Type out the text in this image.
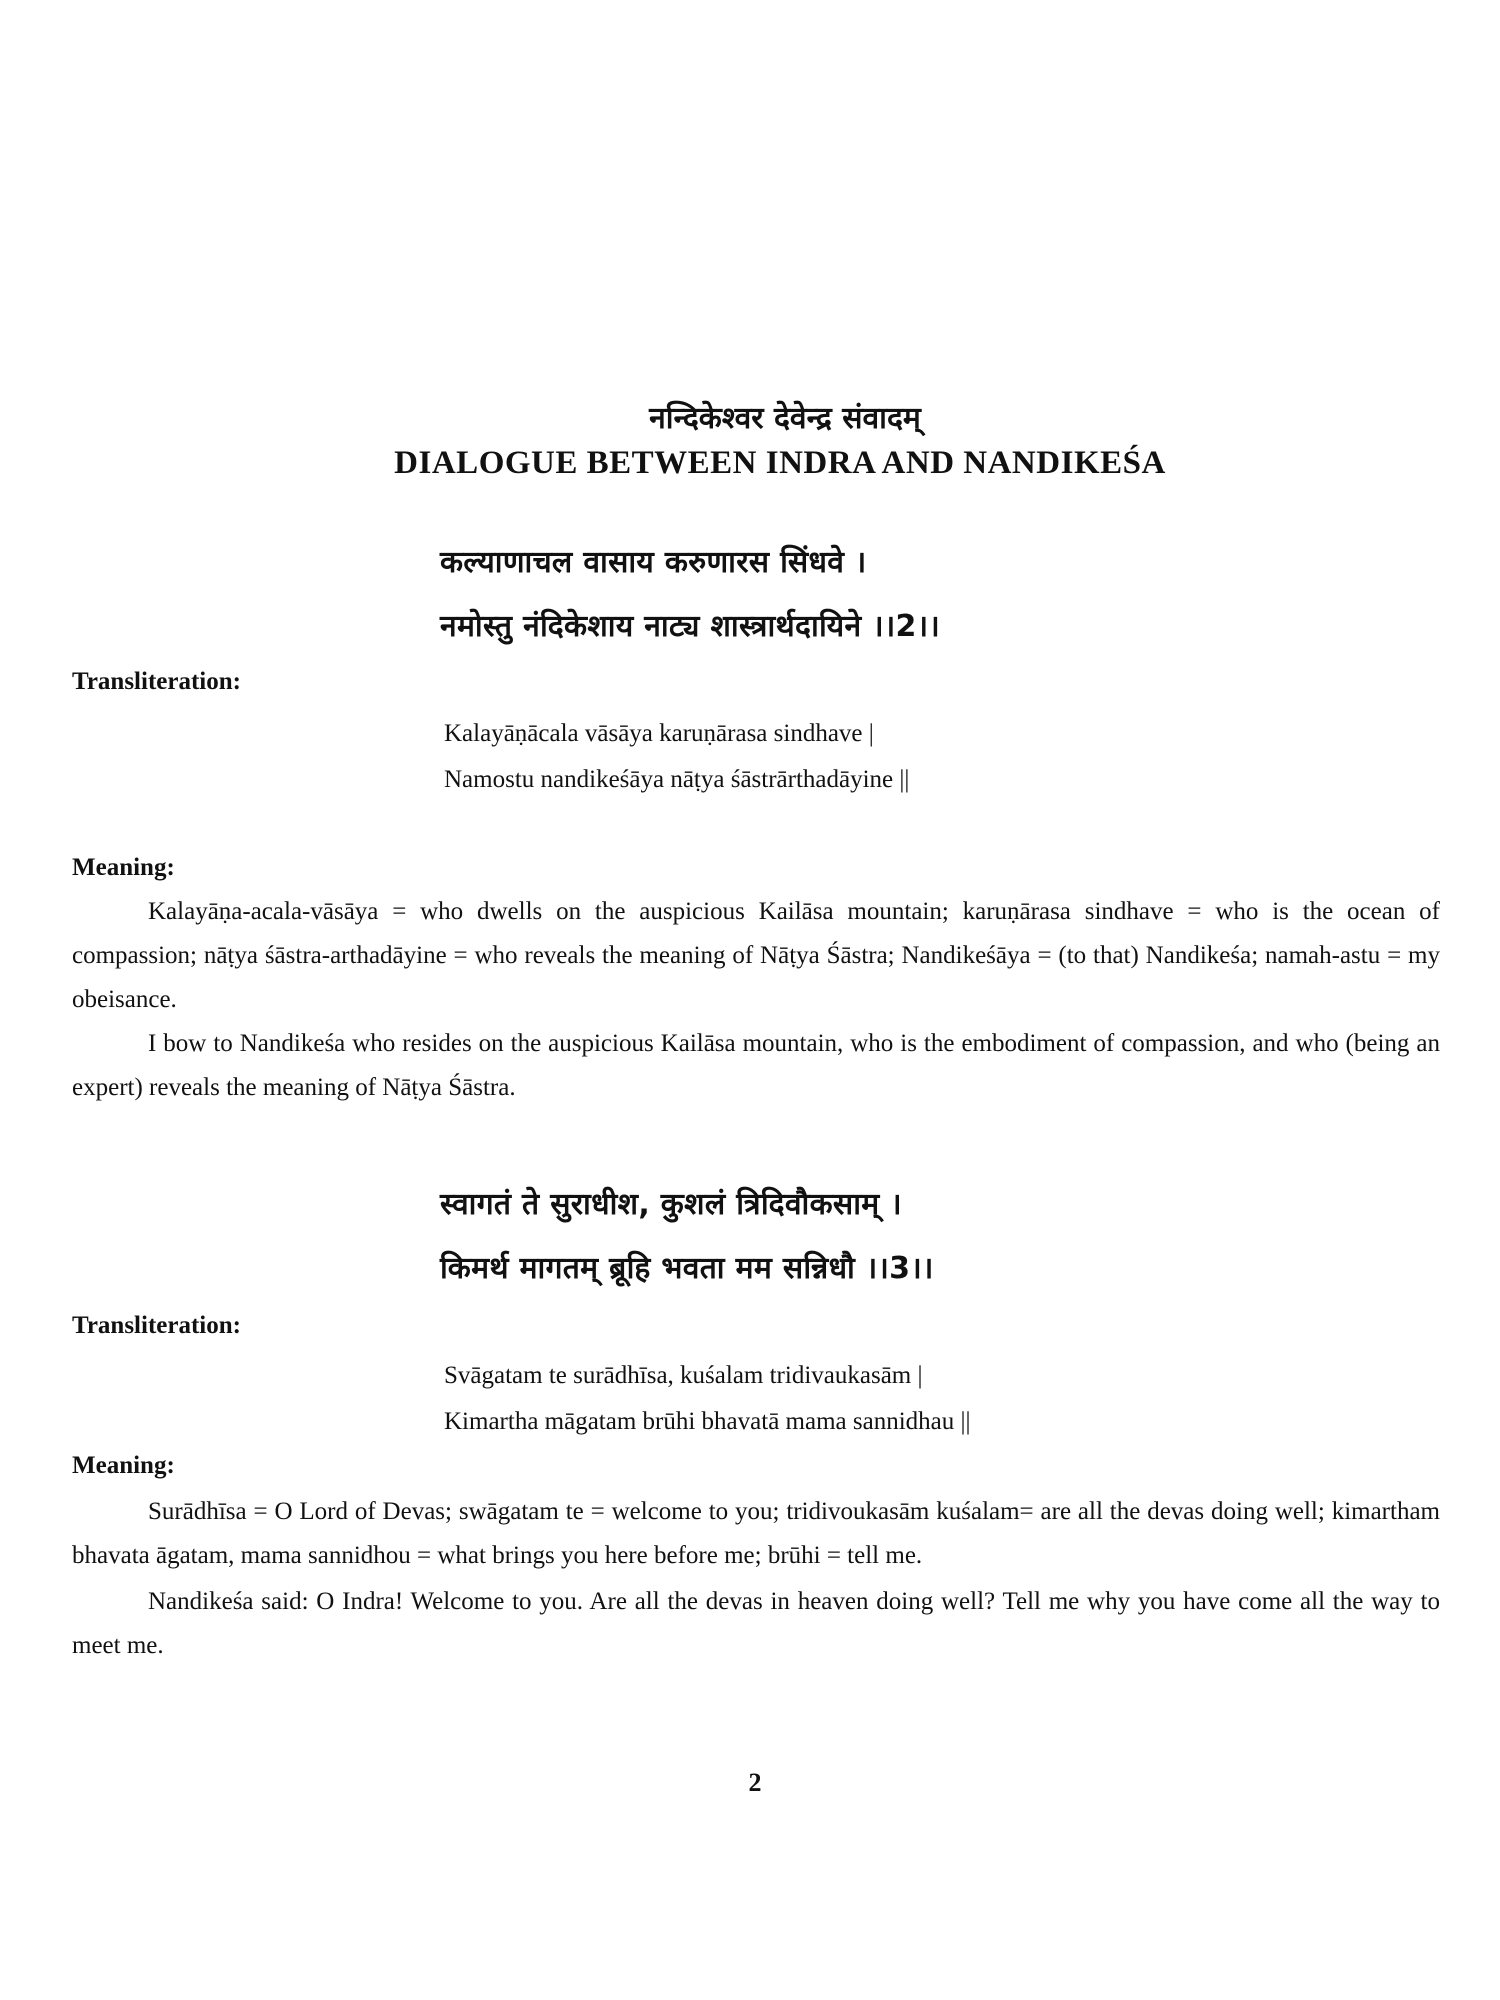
नन्दिकेश्वर देवेन्द्र संवादम्
DIALOGUE BETWEEN INDRA AND NANDIKEŚA
कल्याणाचल वासाय करुणारस सिंधवे ।
नमोस्तु नंदिकेशाय नाट्य शास्त्रार्थदायिने ।।2।।
Transliteration:
Kalayāṇācala vāsāya karuṇārasa sindhave |
Namostu nandikeśāya nāṭya śāstrārthadāyine ||
Meaning:

Kalayāṇa-acala-vāsāya = who dwells on the auspicious Kailāsa mountain; karuṇārasa sindhave = who is the ocean of compassion; nāṭya śāstra-arthadāyine = who reveals the meaning of Nāṭya Śāstra; Nandikeśāya = (to that) Nandikeśa; namah-astu = my obeisance.

I bow to Nandikeśa who resides on the auspicious Kailāsa mountain, who is the embodiment of compassion, and who (being an expert) reveals the meaning of Nāṭya Śāstra.

स्वागतं ते सुराधीश, कुशलं त्रिदिवौकसाम् ।
किमर्थ मागतम् ब्रूहि भवता मम सन्निधौ ।।3।।
Transliteration:
Svāgatam te surādhīsa, kuśalam tridivaukasām |
Kimartha māgatam brūhi bhavatā mama sannidhau ||
Meaning:

Surādhīsa = O Lord of Devas; swāgatam te = welcome to you; tridivoukasām kuśalam= are all the devas doing well; kimartham bhavata āgatam, mama sannidhou = what brings you here before me; brūhi = tell me.

Nandikeśa said: O Indra! Welcome to you. Are all the devas in heaven doing well? Tell me why you have come all the way to meet me.

2
